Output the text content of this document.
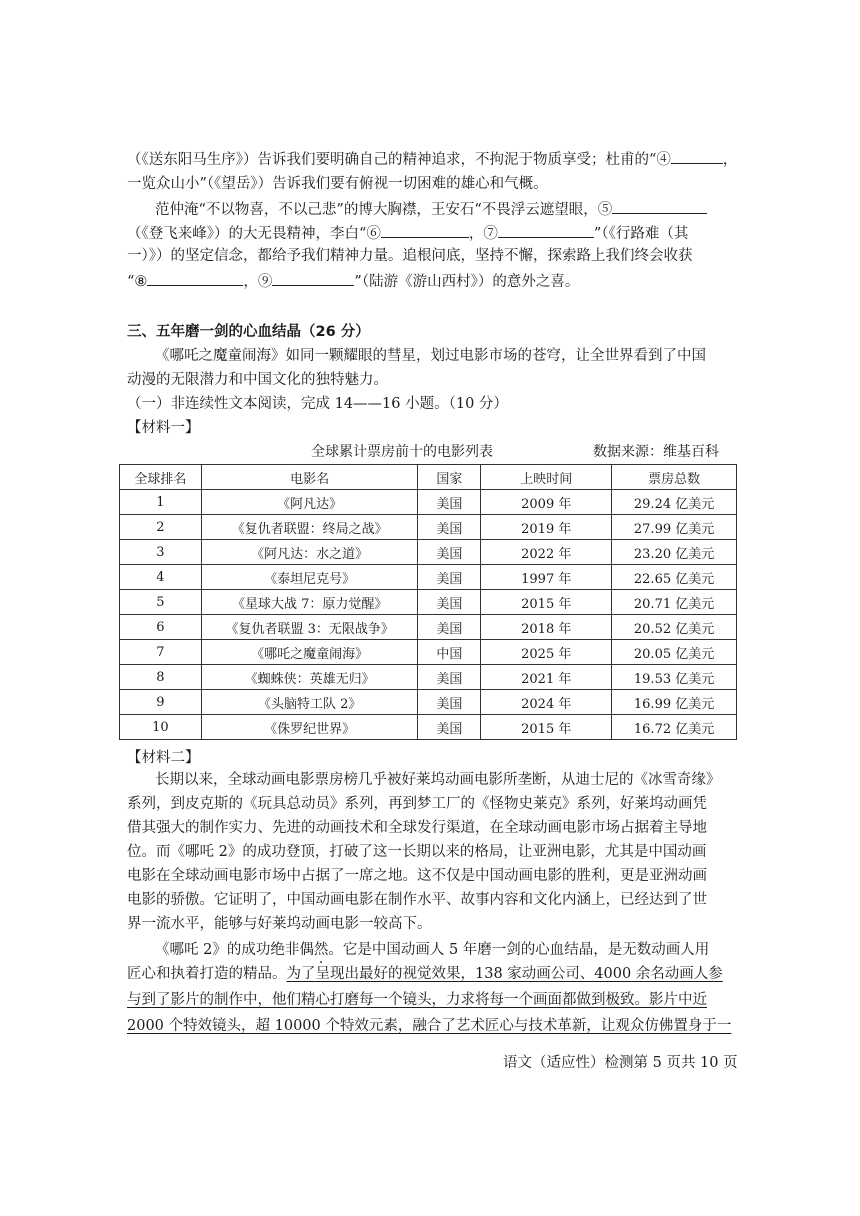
（《送东阳马生序》）告诉我们要明确自己的精神追求，不拘泥于物质享受；杜甫的“④	，
一览众山小”（《望岳》）告诉我们要有俯视一切困难的雄心和气概。
范仲淹“不以物喜，不以己悲”的博大胸襟，王安石“不畏浮云遮望眼，⑤
（《登飞来峰》）的大无畏精神，李白“⑥	，⑦	”（《行路难（其
一）》）的坚定信念，都给予我们精神力量。追根问底，坚持不懈，探索路上我们终会收获
“⑧	，⑨	”（陆游《游山西村》）的意外之喜。
三、五年磨一剑的心血结晶（26 分）
《哪吒之魔童闹海》如同一颗耀眼的彗星，划过电影市场的苍穹，让全世界看到了中国
动漫的无限潜力和中国文化的独特魅力。
（一）非连续性文本阅读，完成 14——16 小题。（10 分）
【材料一】
全球累计票房前十的电影列表	数据来源：维基百科
全球排名	电影名	国家	上映时间	票房总数
1	《阿凡达》	美国	2009 年	29.24 亿美元
2	《复仇者联盟：终局之战》	美国	2019 年	27.99 亿美元
3	《阿凡达：水之道》	美国	2022 年	23.20 亿美元
4	《泰坦尼克号》	美国	1997 年	22.65 亿美元
5	《星球大战 7：原力觉醒》	美国	2015 年	20.71 亿美元
6	《复仇者联盟 3：无限战争》	美国	2018 年	20.52 亿美元
7	《哪吒之魔童闹海》	中国	2025 年	20.05 亿美元
8	《蜘蛛侠：英雄无归》	美国	2021 年	19.53 亿美元
9	《头脑特工队 2》	美国	2024 年	16.99 亿美元
10	《侏罗纪世界》	美国	2015 年	16.72 亿美元
【材料二】
长期以来，全球动画电影票房榜几乎被好莱坞动画电影所垄断，从迪士尼的《冰雪奇缘》
系列，到皮克斯的《玩具总动员》系列，再到梦工厂的《怪物史莱克》系列，好莱坞动画凭
借其强大的制作实力、先进的动画技术和全球发行渠道，在全球动画电影市场占据着主导地
位。而《哪吒 2》的成功登顶，打破了这一长期以来的格局，让亚洲电影，尤其是中国动画
电影在全球动画电影市场中占据了一席之地。这不仅是中国动画电影的胜利，更是亚洲动画
电影的骄傲。它证明了，中国动画电影在制作水平、故事内容和文化内涵上，已经达到了世
界一流水平，能够与好莱坞动画电影一较高下。
《哪吒 2》的成功绝非偶然。它是中国动画人 5 年磨一剑的心血结晶，是无数动画人用
匠心和执着打造的精品。为了呈现出最好的视觉效果，138 家动画公司、4000 余名动画人参
与到了影片的制作中，他们精心打磨每一个镜头，力求将每一个画面都做到极致。影片中近
2000 个特效镜头，超 10000 个特效元素，融合了艺术匠心与技术革新，让观众仿佛置身于一
语文（适应性）检测第 5 页共 10 页
